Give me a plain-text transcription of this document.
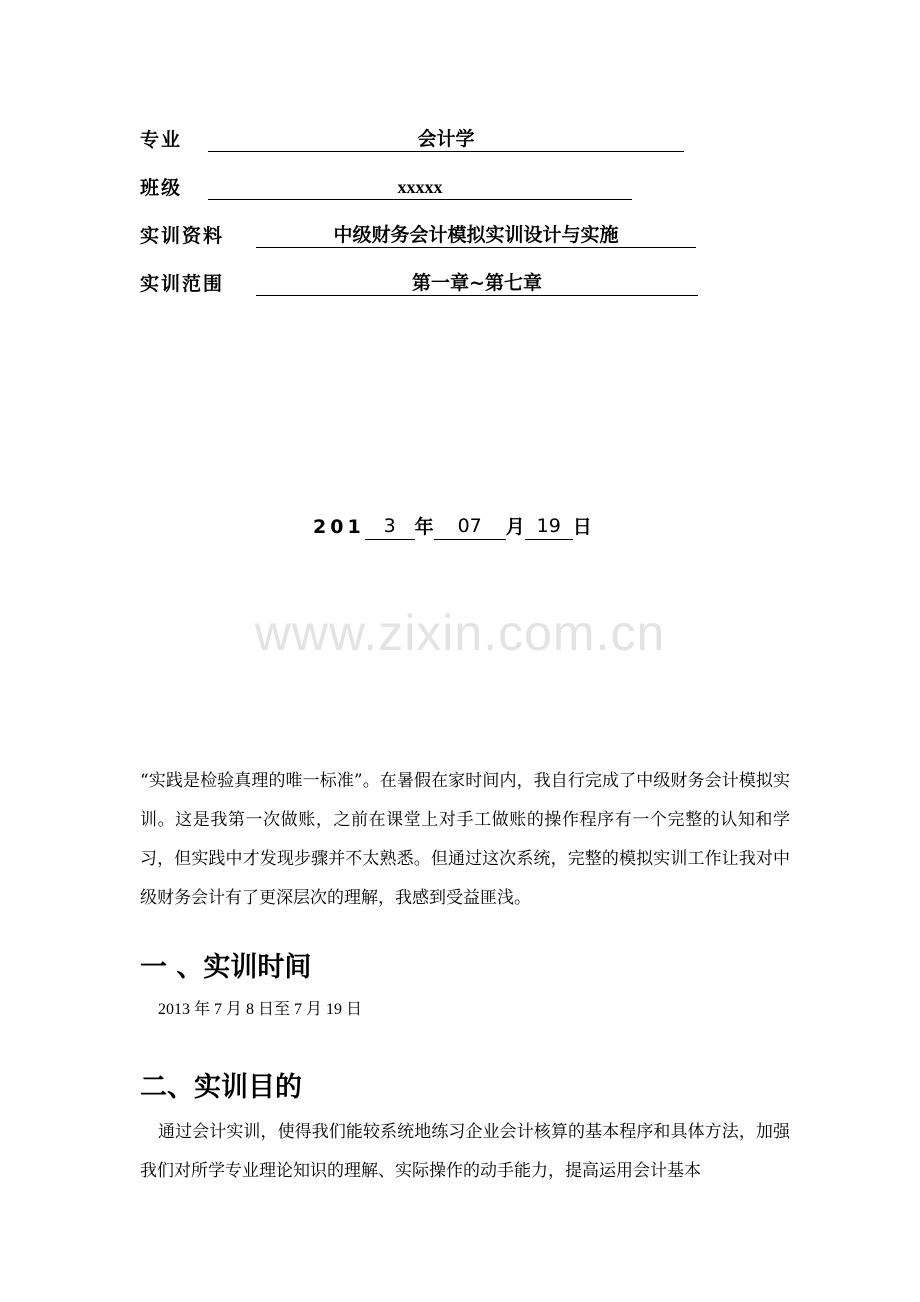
专业	会计学
班级	xxxxx
实训资料	中级财务会计模拟实训设计与实施
实训范围	第一章~第七章
201 3 年	07	月 19 日
www.zixin.com.cn
“实践是检验真理的唯一标准”。在暑假在家时间内，我自行完成了中级财务会计模拟实训。这是我第一次做账，之前在课堂上对手工做账的操作程序有一个完整的认知和学习，但实践中才发现步骤并不太熟悉。但通过这次系统，完整的模拟实训工作让我对中级财务会计有了更深层次的理解，我感到受益匪浅。
一 、实训时间
2013 年 7 月 8 日至 7 月 19 日
二、实训目的
通过会计实训，使得我们能较系统地练习企业会计核算的基本程序和具体方法，加强我们对所学专业理论知识的理解、实际操作的动手能力，提高运用会计基本
